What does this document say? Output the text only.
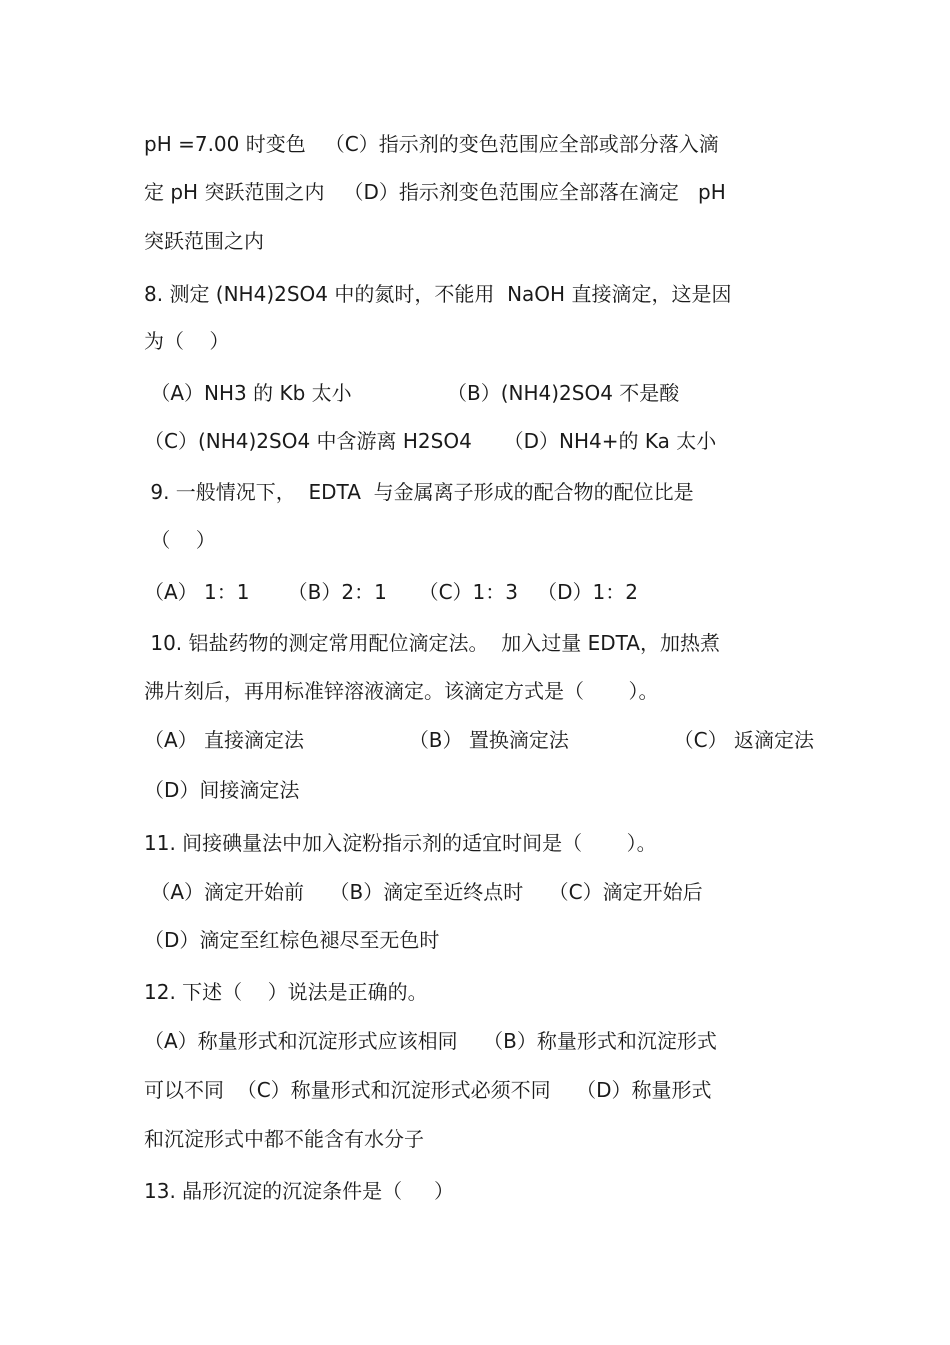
pH =7.00 时变色   （C）指示剂的变色范围应全部或部分落入滴

定 pH 突跃范围之内   （D）指示剂变色范围应全部落在滴定   pH

突跃范围之内

8. 测定 (NH4)2SO4 中的氮时，不能用  NaOH 直接滴定，这是因

为（    ）

（A）NH3 的 Kb 太小               （B）(NH4)2SO4 不是酸

（C）(NH4)2SO4 中含游离 H2SO4     （D）NH4+的 Ka 太小

9. 一般情况下，  EDTA  与金属离子形成的配合物的配位比是

（    ）

（A） 1：1      （B）2：1     （C）1：3   （D）1：2

10. 铝盐药物的测定常用配位滴定法。  加入过量 EDTA，加热煮

沸片刻后，再用标准锌溶液滴定。该滴定方式是（       ）。

（A） 直接滴定法	（B） 置换滴定法	（C） 返滴定法

（D）间接滴定法

11. 间接碘量法中加入淀粉指示剂的适宜时间是（       ）。

（A）滴定开始前    （B）滴定至近终点时    （C）滴定开始后

（D）滴定至红棕色褪尽至无色时

12. 下述（    ）说法是正确的。

（A）称量形式和沉淀形式应该相同    （B）称量形式和沉淀形式

可以不同  （C）称量形式和沉淀形式必须不同    （D）称量形式

和沉淀形式中都不能含有水分子

13. 晶形沉淀的沉淀条件是（     ）
